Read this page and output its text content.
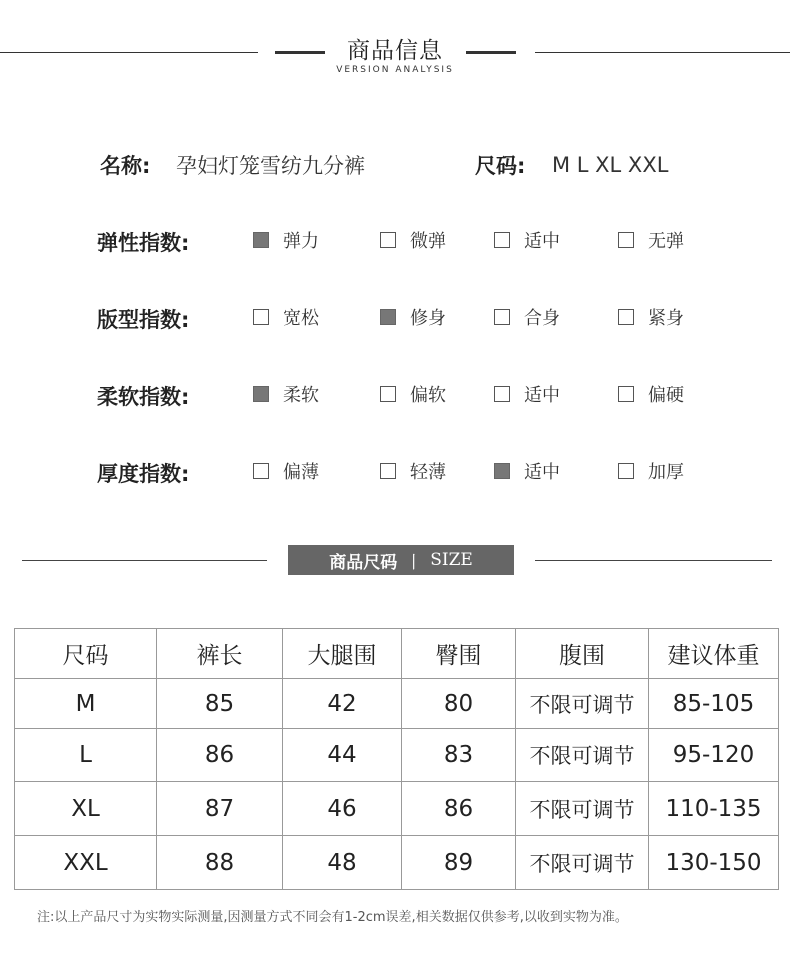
商品信息
VERSION ANALYSIS
名称: 孕妇灯笼雪纺九分裤	尺码: M L XL XXL
弹性指数:	弹力	微弹	适中	无弹
版型指数:	宽松	修身	合身	紧身
柔软指数:	柔软	偏软	适中	偏硬
厚度指数:	偏薄	轻薄	适中	加厚
商品尺码 丨 SIZE
尺码	裤长	大腿围	臀围	腹围	建议体重
M	85	42	80	不限可调节	85-105
L	86	44	83	不限可调节	95-120
XL	87	46	86	不限可调节	110-135
XXL	88	48	89	不限可调节	130-150
注:以上产品尺寸为实物实际测量,因测量方式不同会有1-2cm误差,相关数据仅供参考,以收到实物为准。
